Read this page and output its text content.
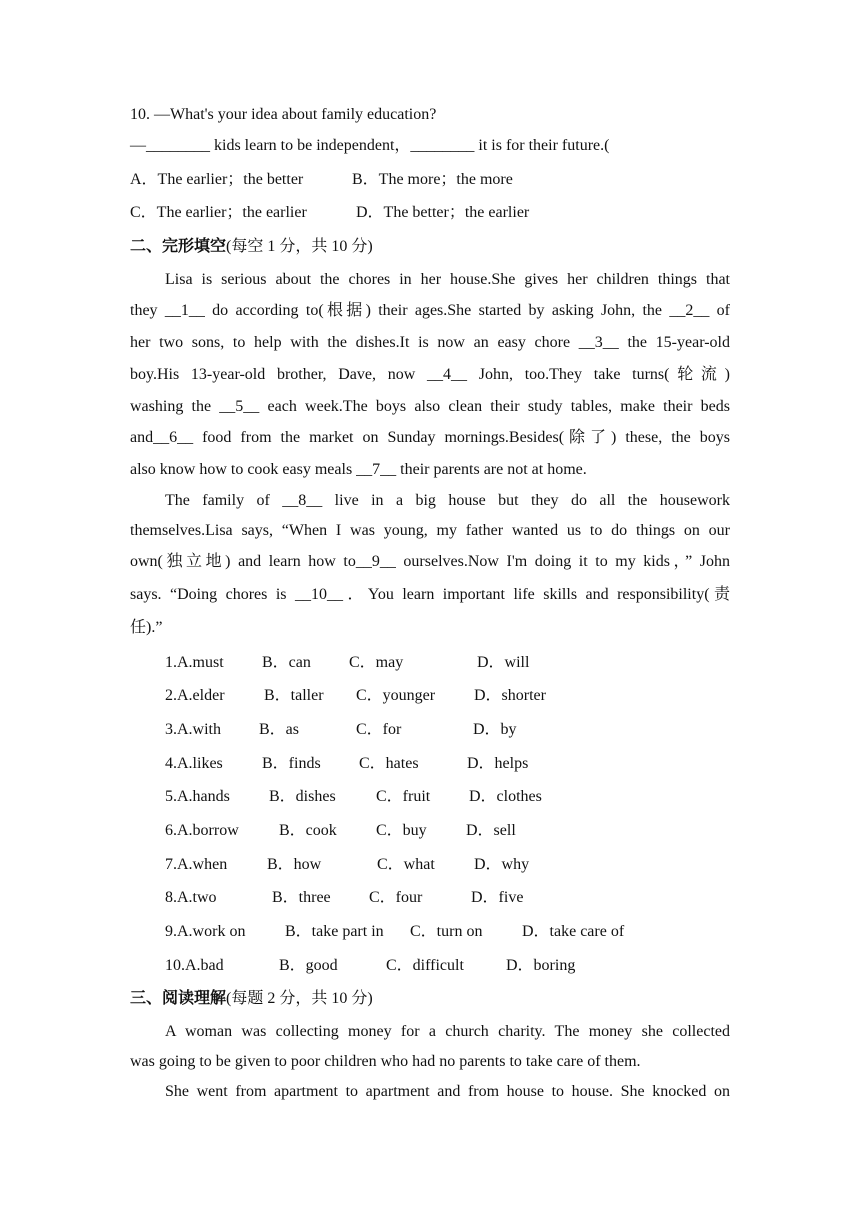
10. —What's your idea about family education?
—________ kids learn to be independent，________ it is for their future.(
A．The earlier；the better	B．The more；the more
C．The earlier；the earlier	D．The better；the earlier
二、完形填空(每空 1 分，共 10 分)
Lisa is serious about the chores in her house.She gives her children things that
they __1__ do according to(根据) their ages.She started by asking John, the __2__ of
her two sons, to help with the dishes.It is now an easy chore __3__ the 15-year-old
boy.His 13-year-old brother, Dave, now __4__ John, too.They take turns(轮流)
washing the __5__ each week.The boys also clean their study tables, make their beds
and__6__ food from the market on Sunday mornings.Besides(除了) these, the boys
also know how to cook easy meals __7__ their parents are not at home.
The family of __8__ live in a big house but they do all the housework
themselves.Lisa says, “When I was young, my father wanted us to do things on our
own(独立地) and learn how to__9__ ourselves.Now I'm doing it to my kids，” John
says. “Doing chores is __10__．You learn important life skills and responsibility(责
任).”
1.A.must B．can C．may	D．will
2.A.elder B．taller C．younger D．shorter
3.A.with B．as	C．for	D．by
4.A.likes B．finds C．hates	D．helps
5.A.hands B．dishes	C．fruit D．clothes
6.A.borrow	B．cook C．buy D．sell
7.A.when B．how	C．what D．why
8.A.two	B．three C．four	D．five
9.A.work on B．take part in C．turn on D．take care of
10.A.bad	B．good	C．difficult	D．boring
三、阅读理解(每题 2 分，共 10 分)
A woman was collecting money for a church charity. The money she collected
was going to be given to poor children who had no parents to take care of them.
She went from apartment to apartment and from house to house. She knocked on
